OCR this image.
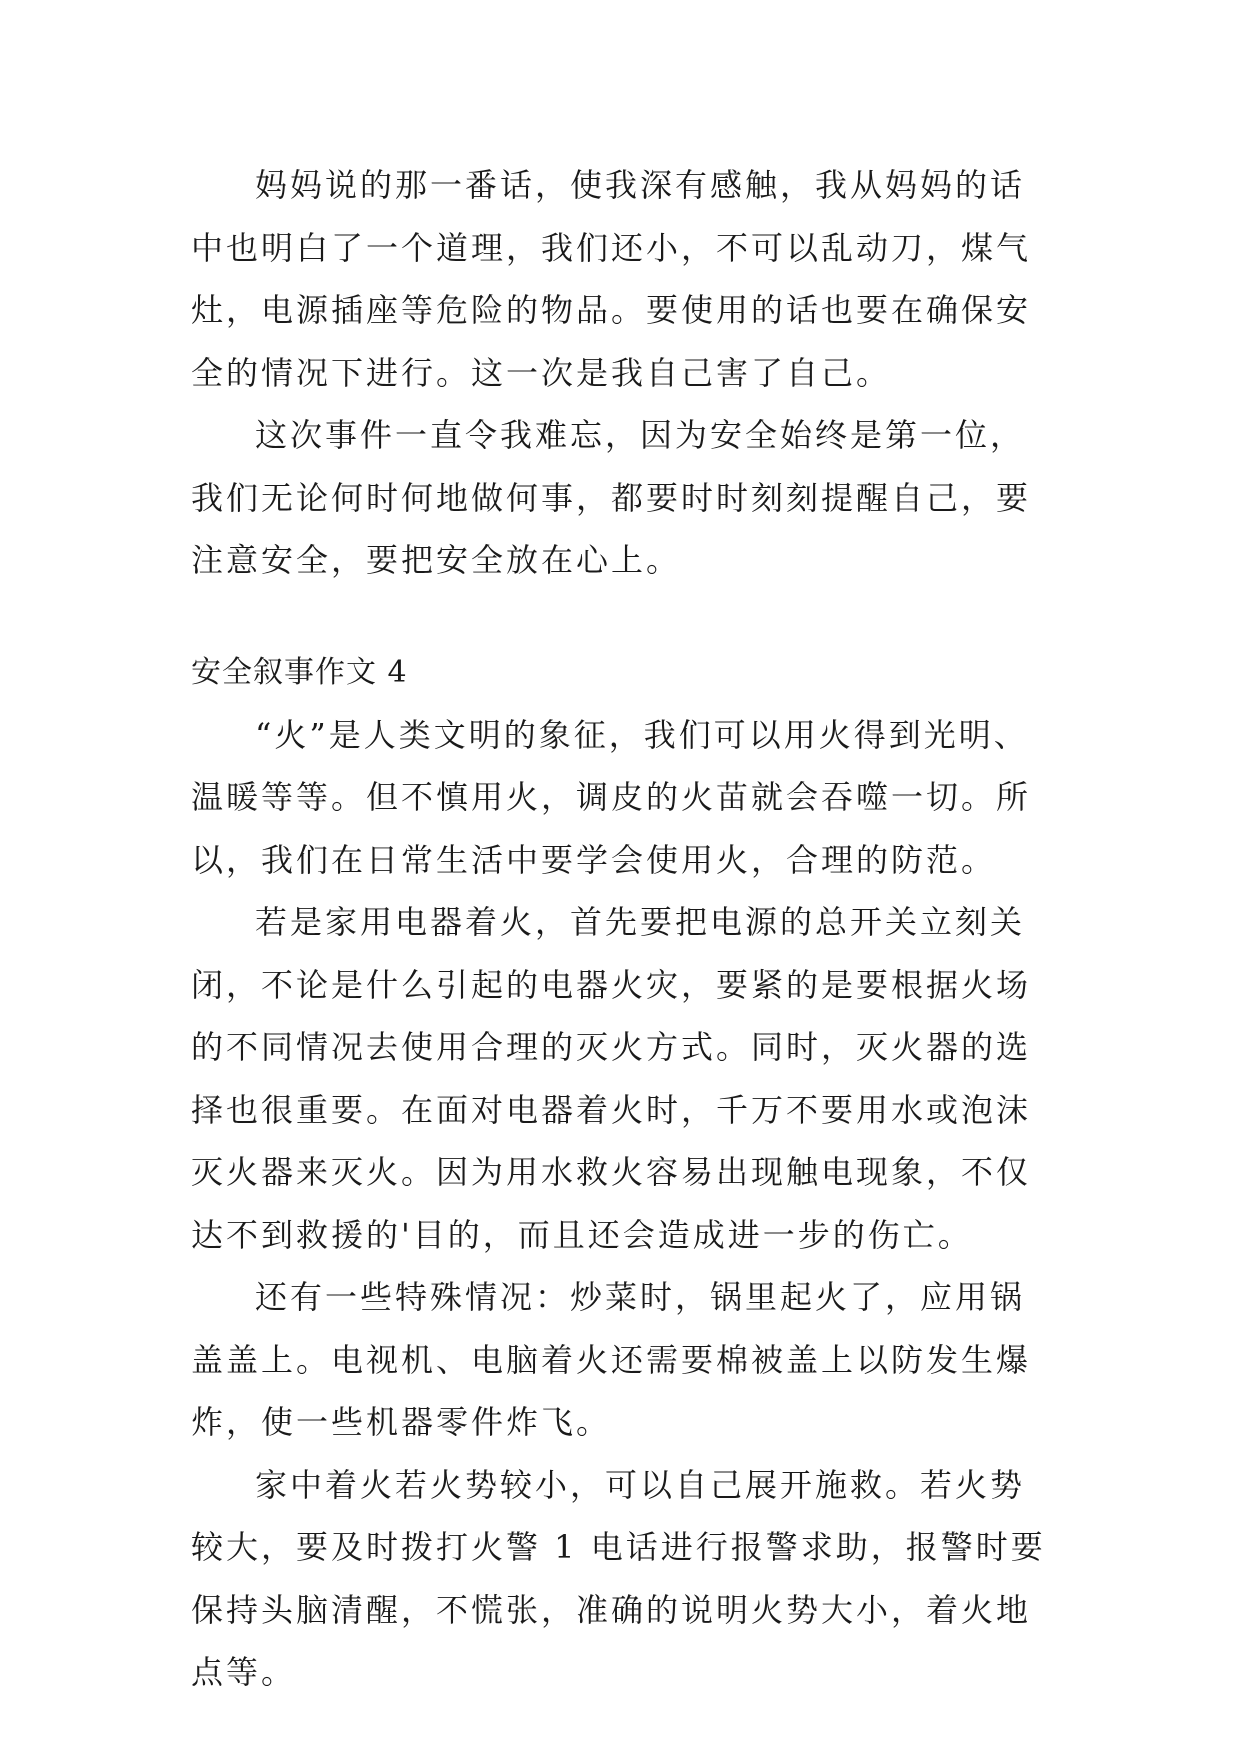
妈妈说的那一番话，使我深有感触，我从妈妈的话中也明白了一个道理，我们还小，不可以乱动刀，煤气灶，电源插座等危险的物品。要使用的话也要在确保安全的情况下进行。这一次是我自己害了自己。

这次事件一直令我难忘，因为安全始终是第一位，我们无论何时何地做何事，都要时时刻刻提醒自己，要注意安全，要把安全放在心上。

安全叙事作文 4

“火”是人类文明的象征，我们可以用火得到光明、温暖等等。但不慎用火，调皮的火苗就会吞噬一切。所以，我们在日常生活中要学会使用火，合理的防范。

若是家用电器着火，首先要把电源的总开关立刻关闭，不论是什么引起的电器火灾，要紧的是要根据火场的不同情况去使用合理的灭火方式。同时，灭火器的选择也很重要。在面对电器着火时，千万不要用水或泡沫灭火器来灭火。因为用水救火容易出现触电现象，不仅达不到救援的'目的，而且还会造成进一步的伤亡。

还有一些特殊情况：炒菜时，锅里起火了，应用锅盖盖上。电视机、电脑着火还需要棉被盖上以防发生爆炸，使一些机器零件炸飞。

家中着火若火势较小，可以自己展开施救。若火势较大，要及时拨打火警 1 电话进行报警求助，报警时要保持头脑清醒，不慌张，准确的说明火势大小，着火地点等。
